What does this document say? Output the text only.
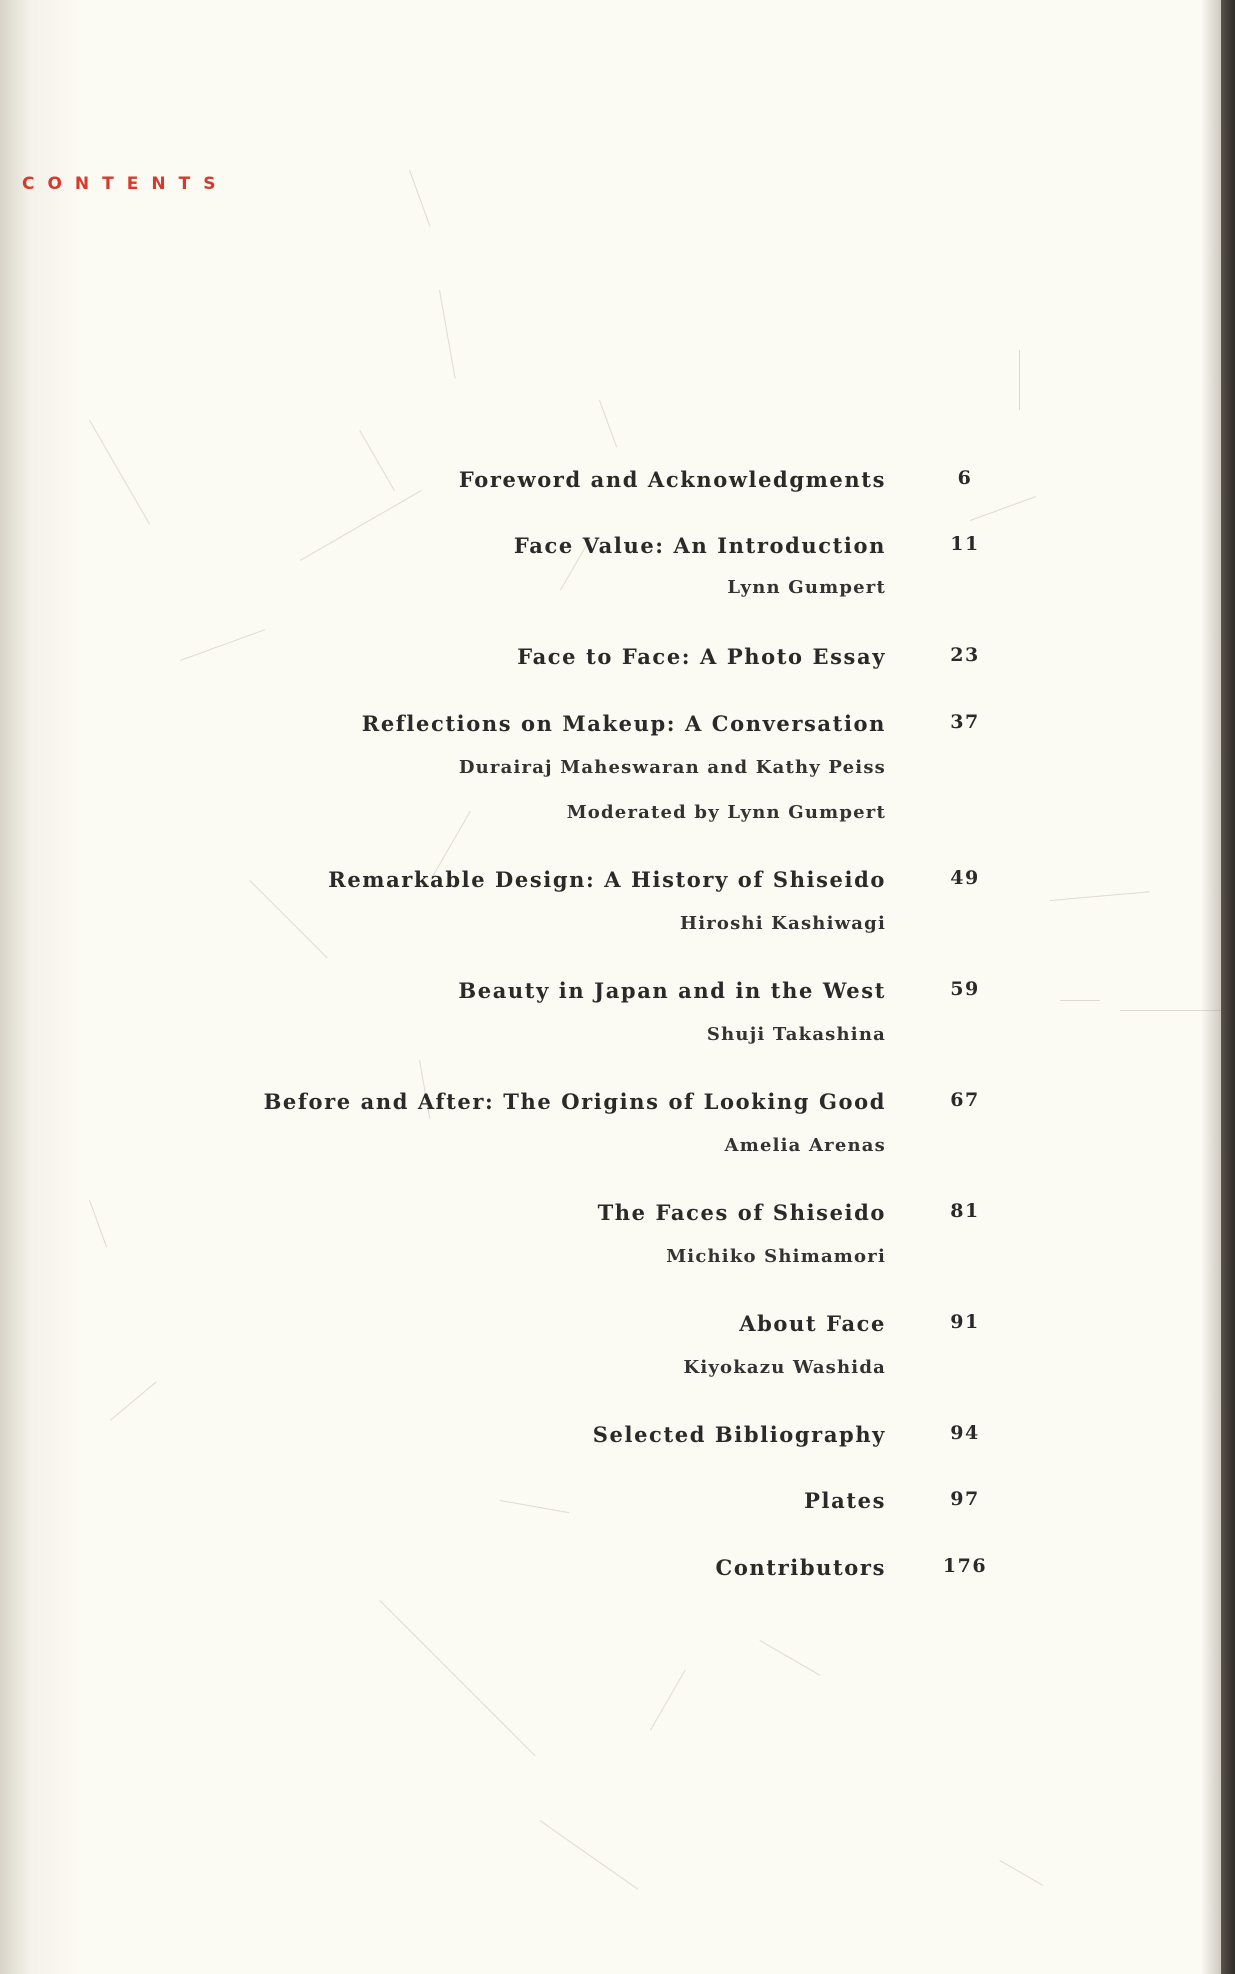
CONTENTS
Foreword and Acknowledgments	6
Face Value: An Introduction	11
Lynn Gumpert
Face to Face: A Photo Essay	23
Reflections on Makeup: A Conversation	37
Durairaj Maheswaran and Kathy Peiss
Moderated by Lynn Gumpert
Remarkable Design: A History of Shiseido	49
Hiroshi Kashiwagi
Beauty in Japan and in the West	59
Shuji Takashina
Before and After: The Origins of Looking Good	67
Amelia Arenas
The Faces of Shiseido	81
Michiko Shimamori
About Face	91
Kiyokazu Washida
Selected Bibliography	94
Plates	97
Contributors	176
